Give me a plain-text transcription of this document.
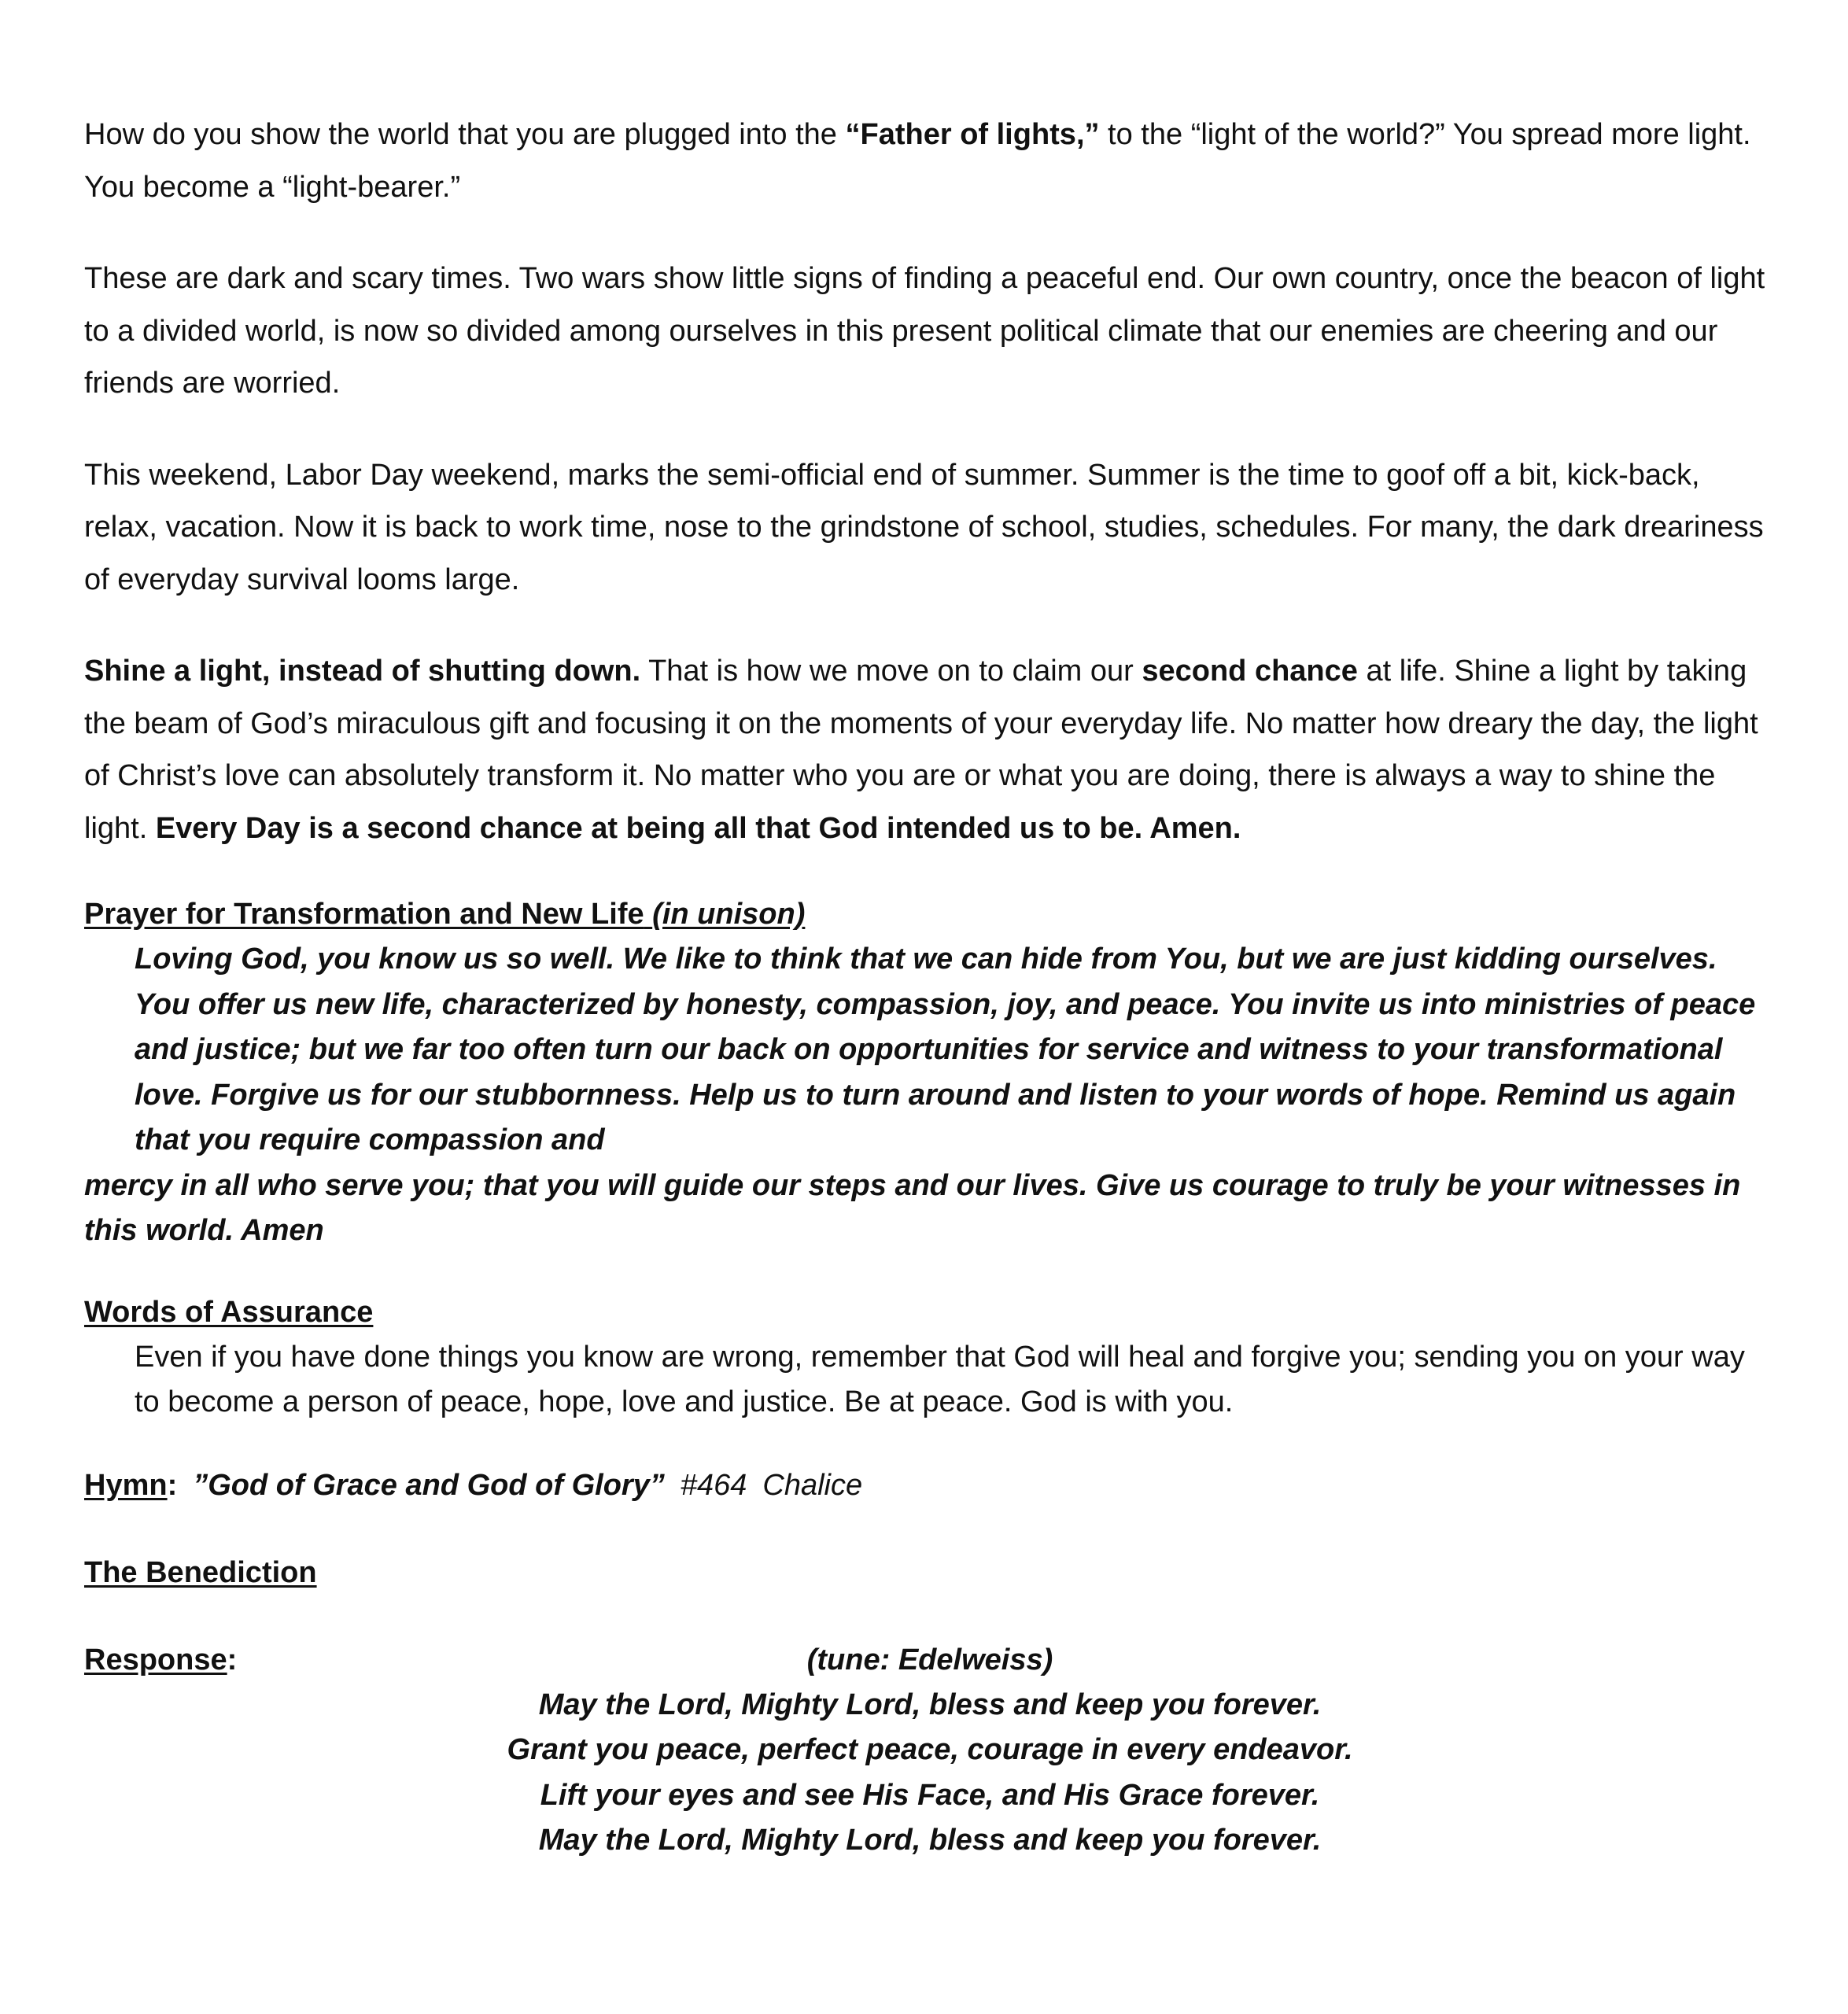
How do you show the world that you are plugged into the “Father of lights,” to the “light of the world?” You spread more light. You become a “light-bearer.”

These are dark and scary times. Two wars show little signs of finding a peaceful end. Our own country, once the beacon of light to a divided world, is now so divided among ourselves in this present political climate that our enemies are cheering and our friends are worried.

This weekend, Labor Day weekend, marks the semi-official end of summer. Summer is the time to goof off a bit, kick-back, relax, vacation. Now it is back to work time, nose to the grindstone of school, studies, schedules. For many, the dark dreariness of everyday survival looms large.

Shine a light, instead of shutting down. That is how we move on to claim our second chance at life. Shine a light by taking the beam of God’s miraculous gift and focusing it on the moments of your everyday life. No matter how dreary the day, the light of Christ’s love can absolutely transform it. No matter who you are or what you are doing, there is always a way to shine the light. Every Day is a second chance at being all that God intended us to be. Amen.

Prayer for Transformation and New Life (in unison)

Loving God, you know us so well. We like to think that we can hide from You, but we are just kidding ourselves. You offer us new life, characterized by honesty, compassion, joy, and peace. You invite us into ministries of peace and justice; but we far too often turn our back on opportunities for service and witness to your transformational love. Forgive us for our stubbornness. Help us to turn around and listen to your words of hope. Remind us again that you require compassion and

mercy in all who serve you; that you will guide our steps and our lives. Give us courage to truly be your witnesses in this world. Amen

Words of Assurance

Even if you have done things you know are wrong, remember that God will heal and forgive you; sending you on your way to become a person of peace, hope, love and justice. Be at peace. God is with you.

Hymn: ”God of Grace and God of Glory” #464 Chalice

The Benediction

(tune: Edelweiss)
Response:

May the Lord, Mighty Lord, bless and keep you forever.

Grant you peace, perfect peace, courage in every endeavor.

Lift your eyes and see His Face, and His Grace forever.

May the Lord, Mighty Lord, bless and keep you forever.
